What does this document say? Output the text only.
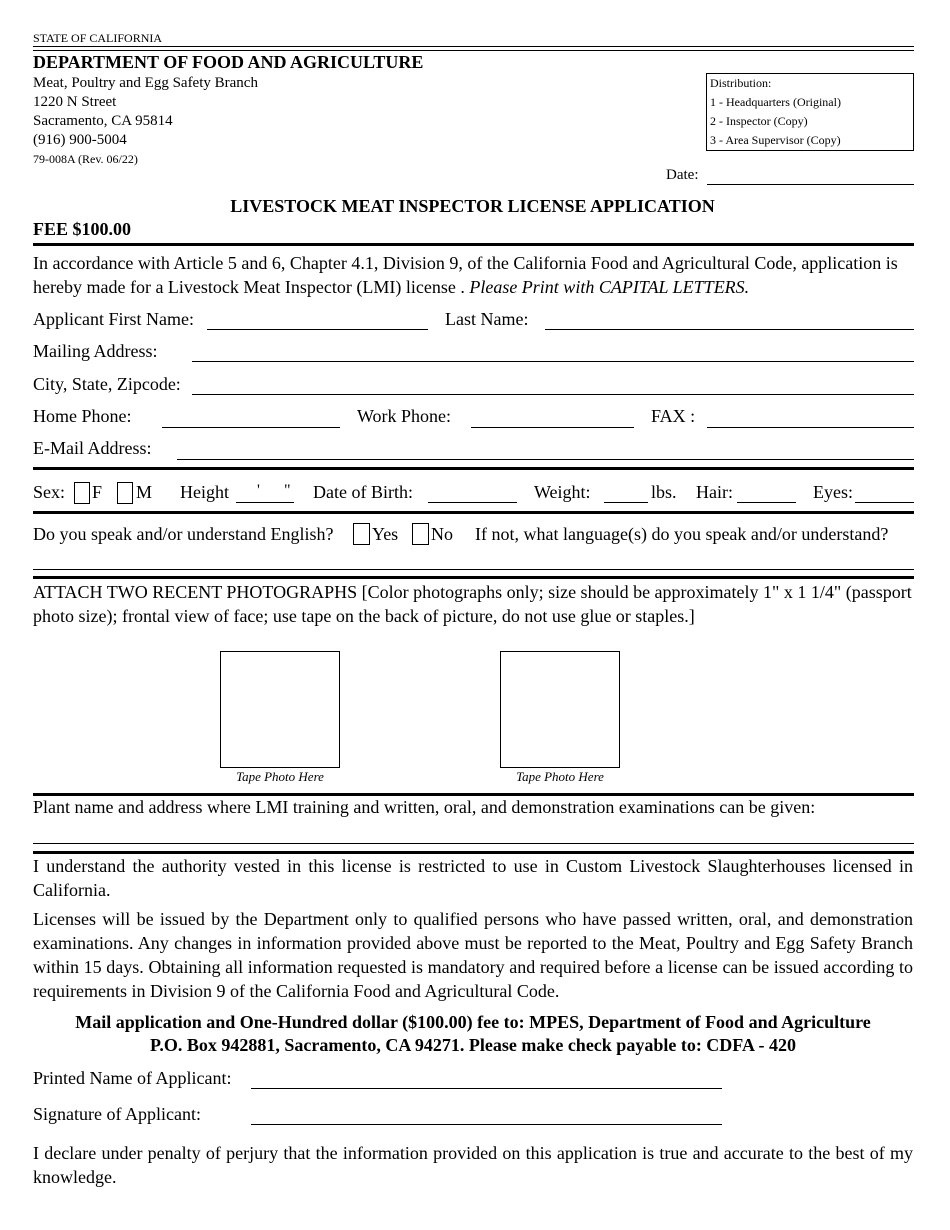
STATE OF CALIFORNIA
DEPARTMENT OF FOOD AND AGRICULTURE
Meat, Poultry and Egg Safety Branch
1220 N Street
Sacramento, CA 95814
(916) 900-5004
79-008A (Rev. 06/22)
Distribution:
1 - Headquarters (Original)
2 - Inspector (Copy)
3 - Area Supervisor (Copy)
Date:
LIVESTOCK MEAT INSPECTOR LICENSE APPLICATION
FEE $100.00
In accordance with Article 5 and 6, Chapter 4.1, Division 9, of the California Food and Agricultural Code, application is hereby made for a Livestock Meat Inspector (LMI) license . Please Print with CAPITAL LETTERS.
Applicant First Name:	Last Name:
Mailing Address:
City, State, Zipcode:
Home Phone:	Work Phone:	FAX :
E-Mail Address:
Sex: F M Height ' " Date of Birth:	Weight:	lbs. Hair:	Eyes:
Do you speak and/or understand English? Yes No If not, what language(s) do you speak and/or understand?
ATTACH TWO RECENT PHOTOGRAPHS [Color photographs only; size should be approximately 1" x 1 1/4" (passport photo size); frontal view of face; use tape on the back of picture, do not use glue or staples.]
Tape Photo Here	Tape Photo Here
Plant name and address where LMI training and written, oral, and demonstration examinations can be given:
I understand the authority vested in this license is restricted to use in Custom Livestock Slaughterhouses licensed in California.
Licenses will be issued by the Department only to qualified persons who have passed written, oral, and demonstration examinations. Any changes in information provided above must be reported to the Meat, Poultry and Egg Safety Branch within 15 days. Obtaining all information requested is mandatory and required before a license can be issued according to requirements in Division 9 of the California Food and Agricultural Code.
Mail application and One-Hundred dollar ($100.00) fee to: MPES, Department of Food and Agriculture
P.O. Box 942881, Sacramento, CA 94271. Please make check payable to: CDFA - 420
Printed Name of Applicant:
Signature of Applicant:
I declare under penalty of perjury that the information provided on this application is true and accurate to the best of my knowledge.
